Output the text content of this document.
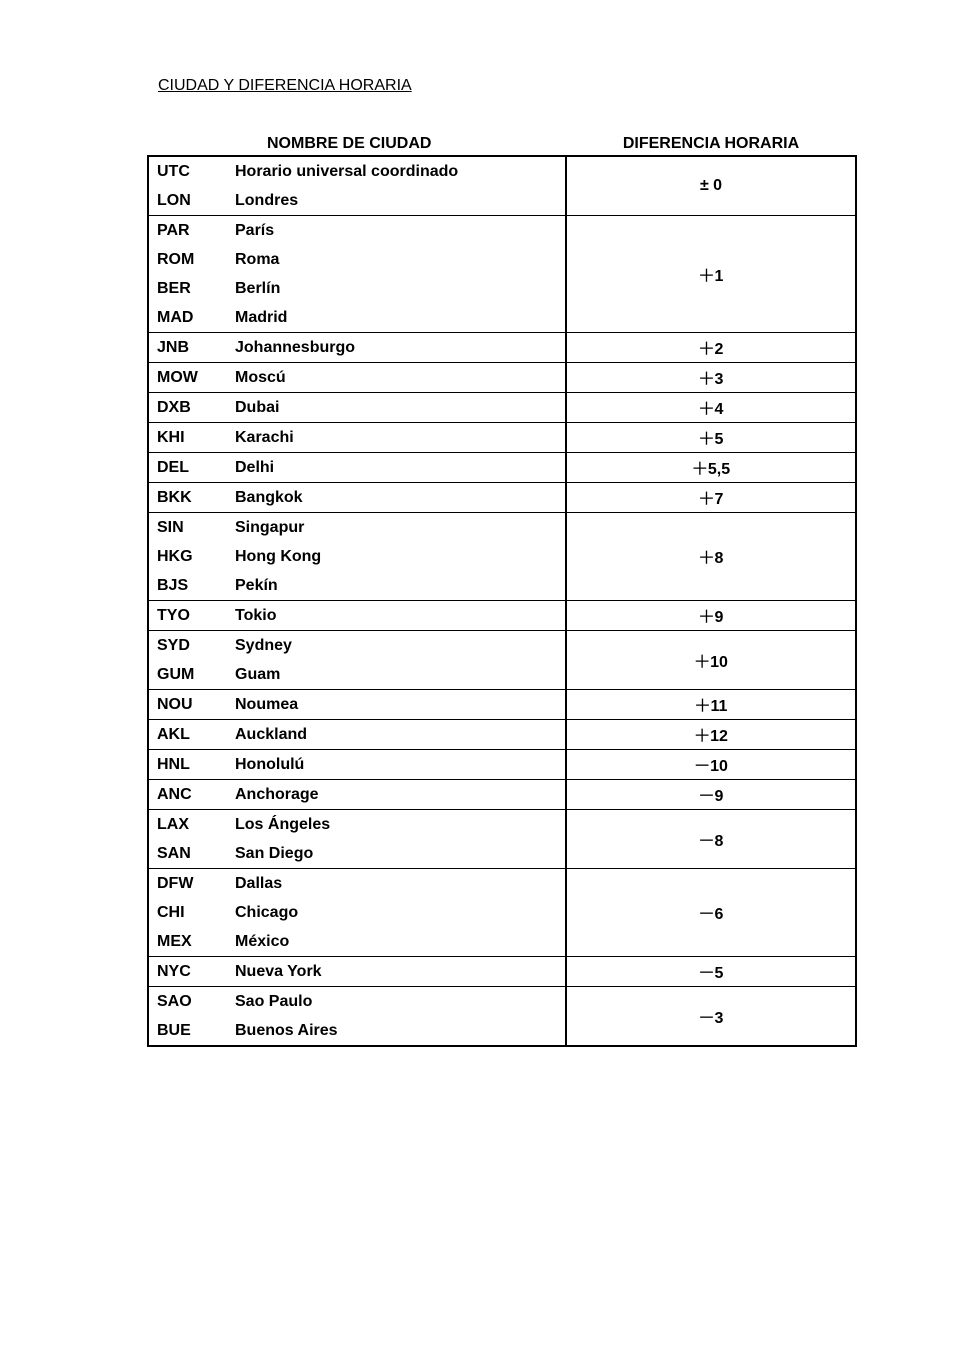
CIUDAD Y DIFERENCIA HORARIA
NOMBRE DE CIUDAD	DIFERENCIA HORARIA
UTC	Horario universal coordinado
LON	Londres
± 0
PAR	París
ROM	Roma
BER	Berlín
MAD	Madrid
＋1
JNB	Johannesburgo	＋2
MOW	Moscú	＋3
DXB	Dubai	＋4
KHI	Karachi	＋5
DEL	Delhi	＋5,5
BKK	Bangkok	＋7
SIN	Singapur
HKG	Hong Kong
BJS	Pekín
＋8
TYO	Tokio	＋9
SYD	Sydney
GUM	Guam
＋10
NOU	Noumea	＋11
AKL	Auckland	＋12
HNL	Honolulú	－10
ANC	Anchorage	－9
LAX	Los Ángeles
SAN	San Diego
－8
DFW	Dallas
CHI	Chicago
MEX	México
－6
NYC	Nueva York	－5
SAO	Sao Paulo
BUE	Buenos Aires
－3
